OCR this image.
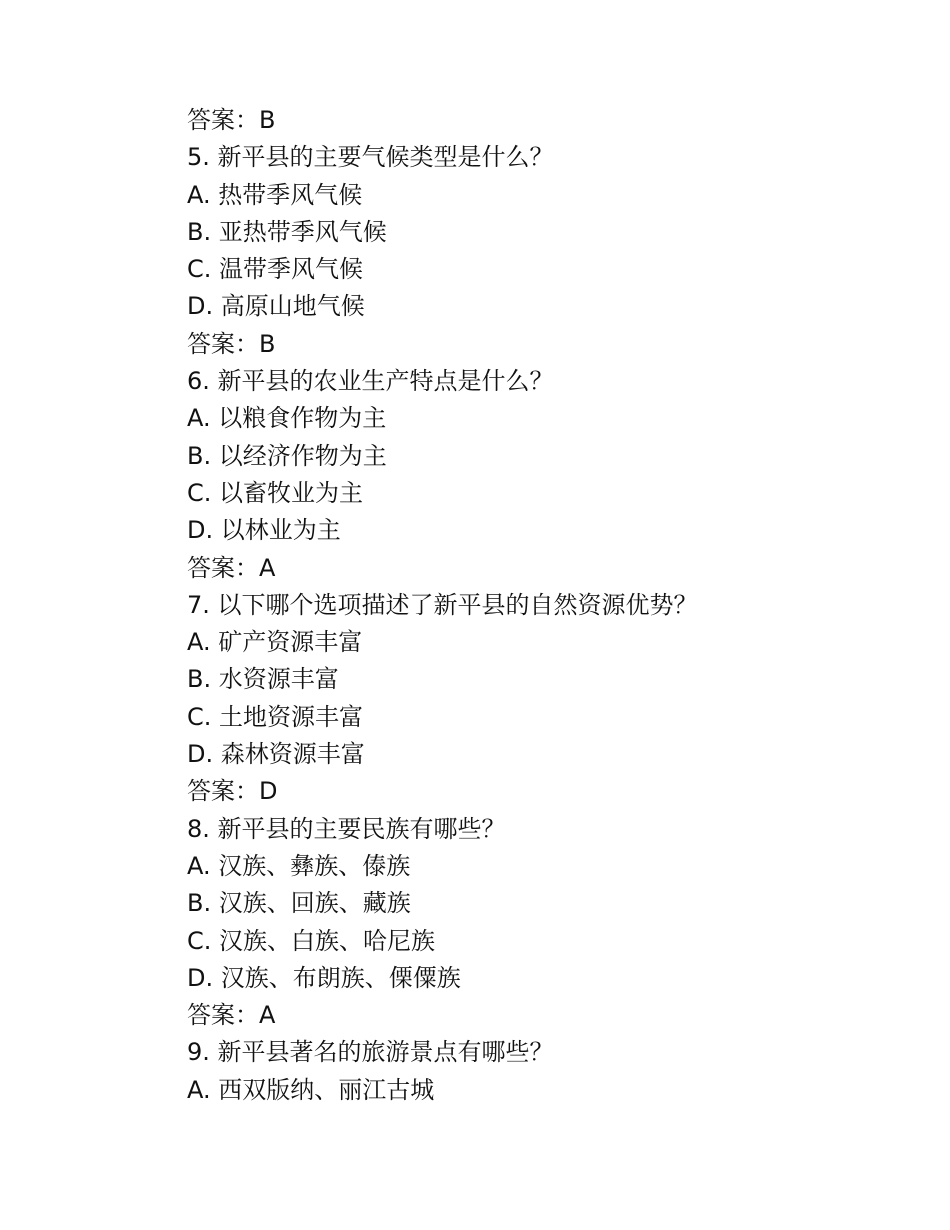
答案：B
5. 新平县的主要气候类型是什么？
A. 热带季风气候
B. 亚热带季风气候
C. 温带季风气候
D. 高原山地气候
答案：B
6. 新平县的农业生产特点是什么？
A. 以粮食作物为主
B. 以经济作物为主
C. 以畜牧业为主
D. 以林业为主
答案：A
7. 以下哪个选项描述了新平县的自然资源优势？
A. 矿产资源丰富
B. 水资源丰富
C. 土地资源丰富
D. 森林资源丰富
答案：D
8. 新平县的主要民族有哪些？
A. 汉族、彝族、傣族
B. 汉族、回族、藏族
C. 汉族、白族、哈尼族
D. 汉族、布朗族、傈僳族
答案：A
9. 新平县著名的旅游景点有哪些？
A. 西双版纳、丽江古城
